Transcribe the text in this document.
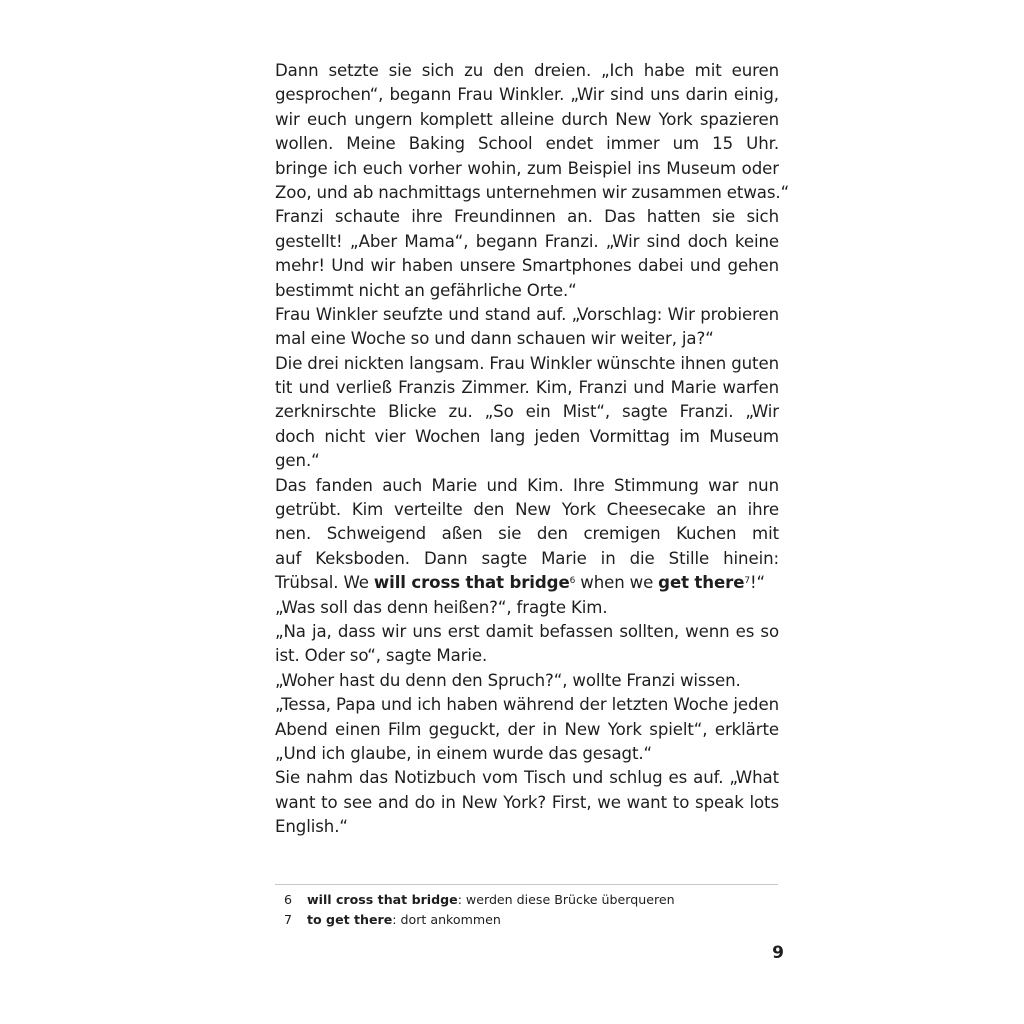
Dann setzte sie sich zu den dreien. „Ich habe mit euren
gesprochen“, begann Frau Winkler. „Wir sind uns darin einig,
wir euch ungern komplett alleine durch New York spazieren
wollen. Meine Baking School endet immer um 15 Uhr.
bringe ich euch vorher wohin, zum Beispiel ins Museum oder
Zoo, und ab nachmittags unternehmen wir zusammen etwas.“
Franzi schaute ihre Freundinnen an. Das hatten sie sich
gestellt! „Aber Mama“, begann Franzi. „Wir sind doch keine
mehr! Und wir haben unsere Smartphones dabei und gehen
bestimmt nicht an gefährliche Orte.“
Frau Winkler seufzte und stand auf. „Vorschlag: Wir probieren
mal eine Woche so und dann schauen wir weiter, ja?“
Die drei nickten langsam. Frau Winkler wünschte ihnen guten
tit und verließ Franzis Zimmer. Kim, Franzi und Marie warfen
zerknirschte Blicke zu. „So ein Mist“, sagte Franzi. „Wir
doch nicht vier Wochen lang jeden Vormittag im Museum
gen.“
Das fanden auch Marie und Kim. Ihre Stimmung war nun
getrübt. Kim verteilte den New York Cheesecake an ihre
nen. Schweigend aßen sie den cremigen Kuchen mit
auf Keksboden. Dann sagte Marie in die Stille hinein:
Trübsal. We will cross that bridge$^6$ when we get there$^7$!“
„Was soll das denn heißen?“, fragte Kim.
„Na ja, dass wir uns erst damit befassen sollten, wenn es so
ist. Oder so“, sagte Marie.
„Woher hast du denn den Spruch?“, wollte Franzi wissen.
„Tessa, Papa und ich haben während der letzten Woche jeden
Abend einen Film geguckt, der in New York spielt“, erklärte
„Und ich glaube, in einem wurde das gesagt.“
Sie nahm das Notizbuch vom Tisch und schlug es auf. „What
want to see and do in New York? First, we want to speak lots
English.“
6	will cross that bridge: werden diese Brücke überqueren
7	to get there: dort ankommen
9
